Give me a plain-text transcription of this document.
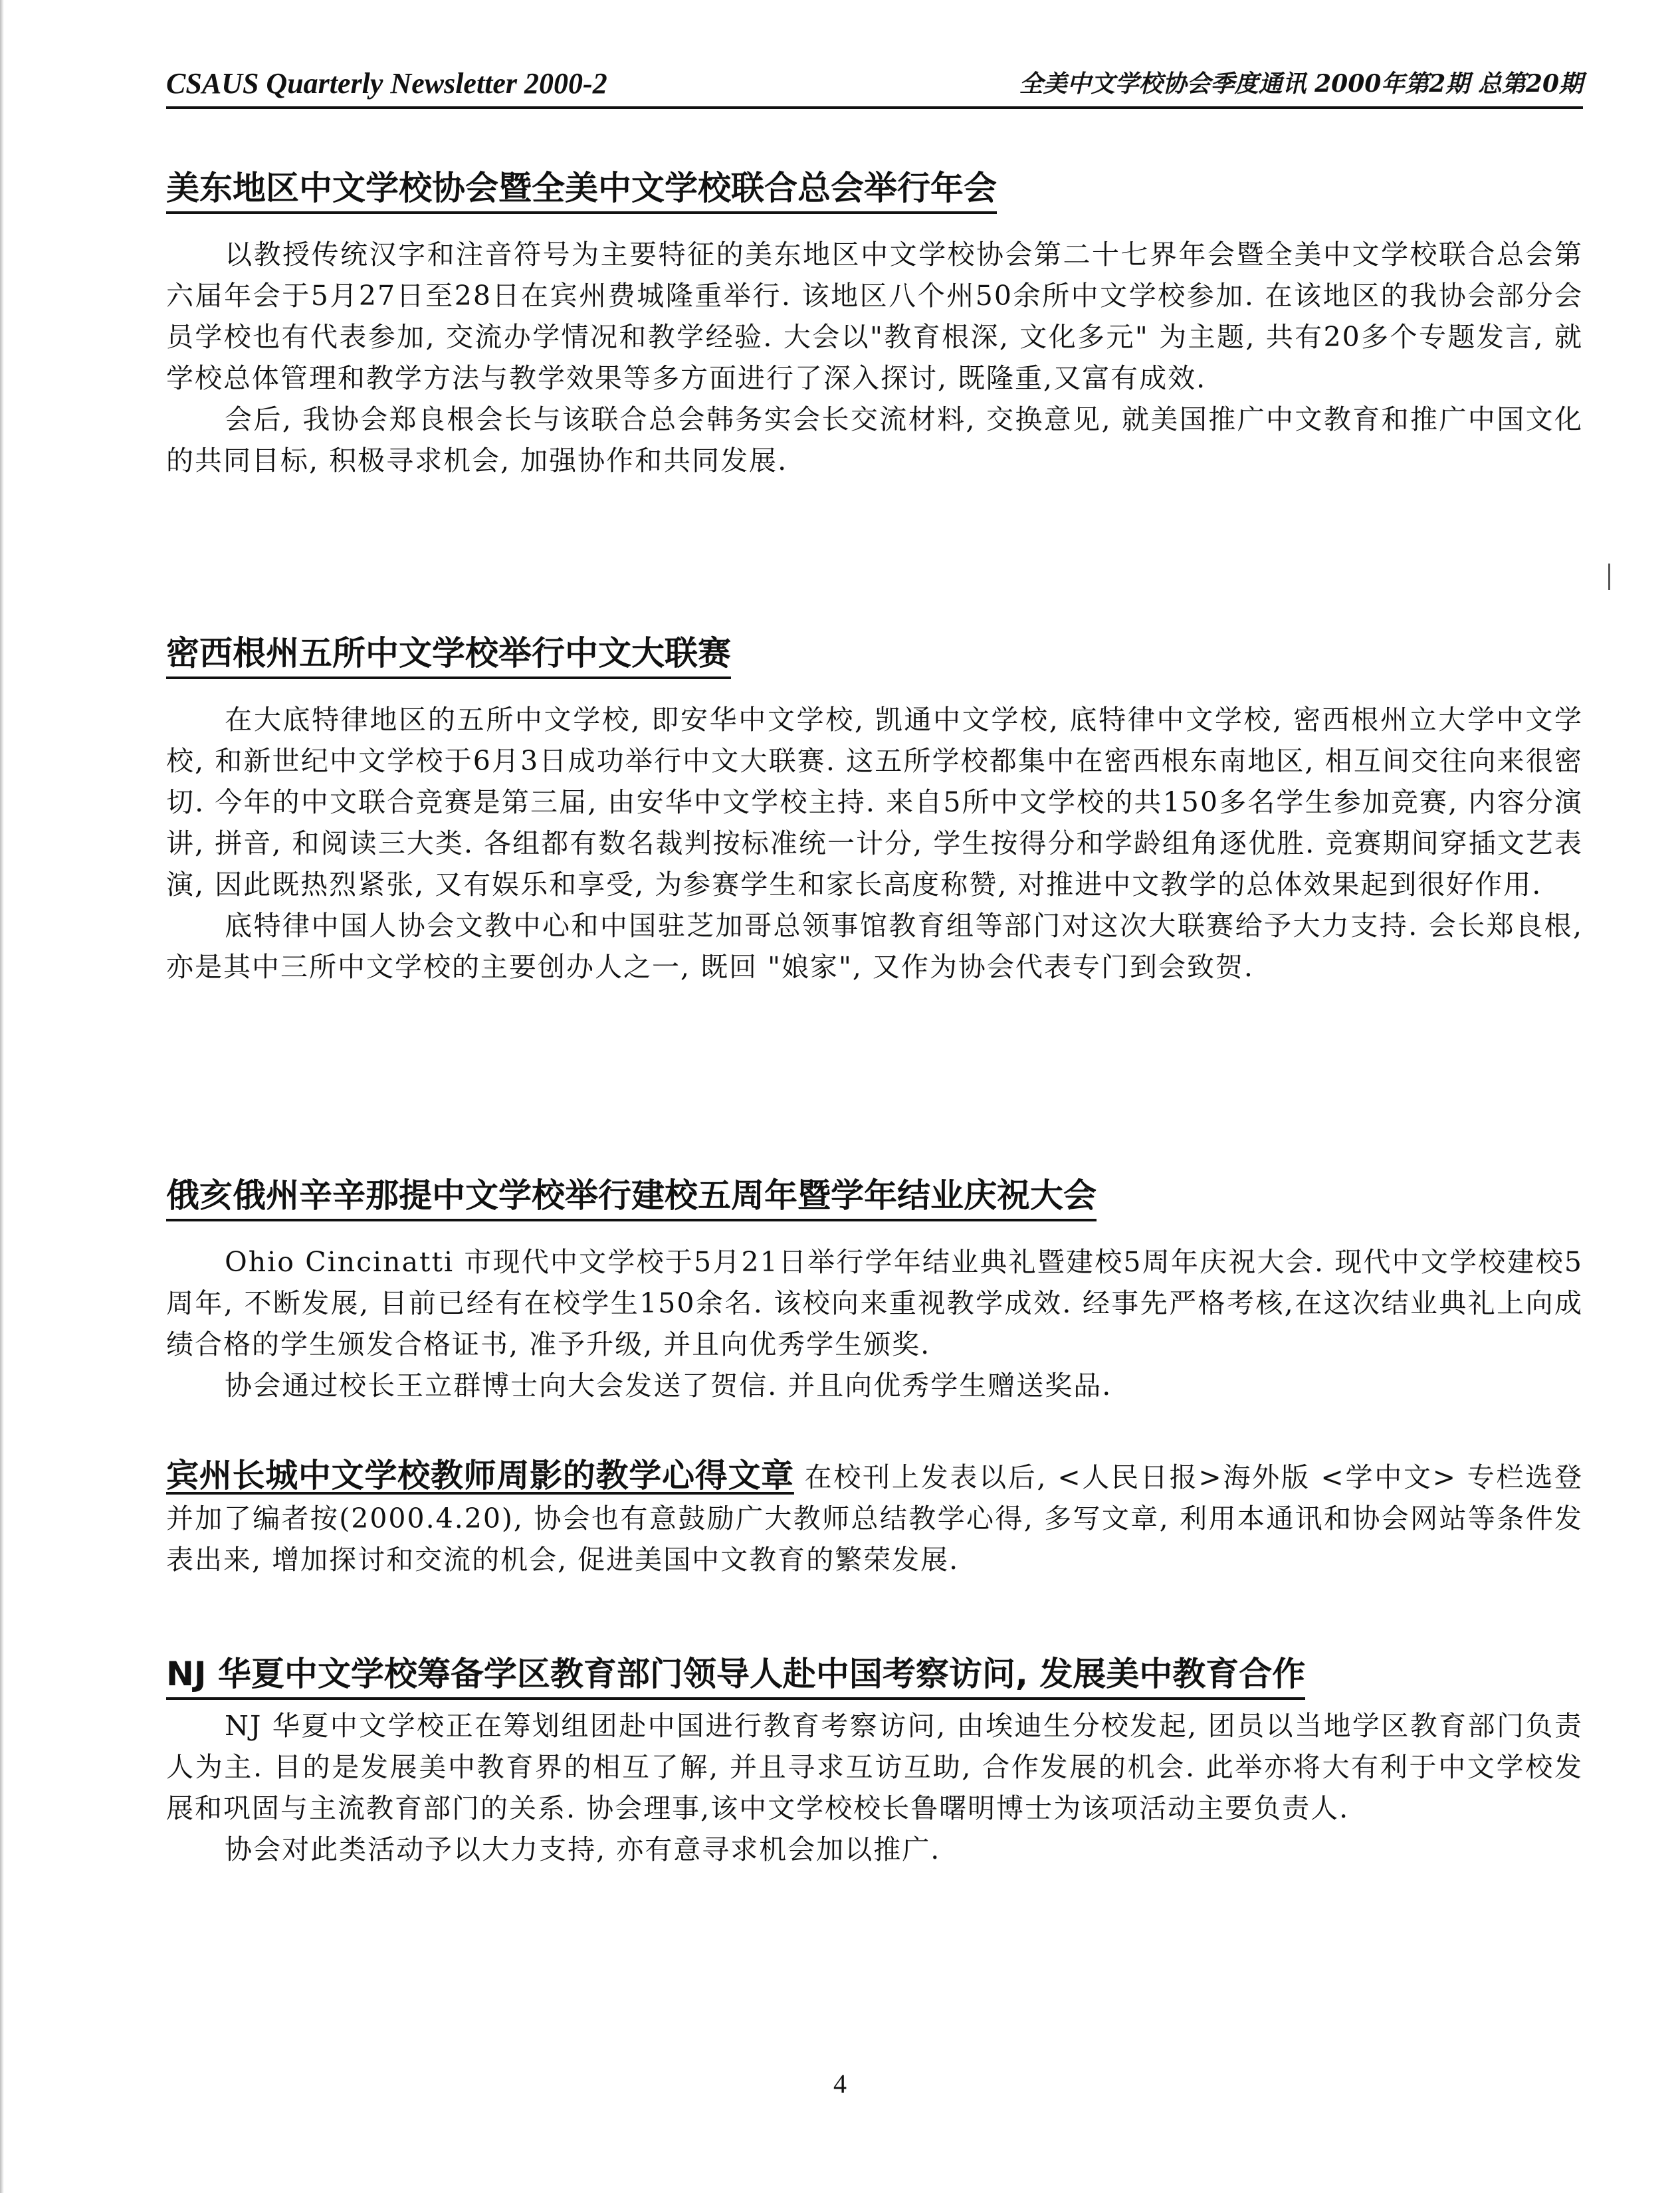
CSAUS Quarterly Newsletter 2000-2	全美中文学校协会季度通讯 2000年第2期 总第20期
美东地区中文学校协会暨全美中文学校联合总会举行年会

以教授传统汉字和注音符号为主要特征的美东地区中文学校协会第二十七界年会暨全美中文学校联合总会第六届年会于5月27日至28日在宾州费城隆重举行. 该地区八个州50余所中文学校参加. 在该地区的我协会部分会员学校也有代表参加, 交流办学情况和教学经验. 大会以"教育根深, 文化多元" 为主题, 共有20多个专题发言, 就学校总体管理和教学方法与教学效果等多方面进行了深入探讨, 既隆重,又富有成效.

会后, 我协会郑良根会长与该联合总会韩务实会长交流材料, 交换意见, 就美国推广中文教育和推广中国文化的共同目标, 积极寻求机会, 加强协作和共同发展.

密西根州五所中文学校举行中文大联赛

在大底特律地区的五所中文学校, 即安华中文学校, 凯通中文学校, 底特律中文学校, 密西根州立大学中文学校, 和新世纪中文学校于6月3日成功举行中文大联赛. 这五所学校都集中在密西根东南地区, 相互间交往向来很密切. 今年的中文联合竞赛是第三届, 由安华中文学校主持. 来自5所中文学校的共150多名学生参加竞赛, 内容分演讲, 拼音, 和阅读三大类. 各组都有数名裁判按标准统一计分, 学生按得分和学龄组角逐优胜. 竞赛期间穿插文艺表演, 因此既热烈紧张, 又有娱乐和享受, 为参赛学生和家长高度称赞, 对推进中文教学的总体效果起到很好作用.

底特律中国人协会文教中心和中国驻芝加哥总领事馆教育组等部门对这次大联赛给予大力支持. 会长郑良根, 亦是其中三所中文学校的主要创办人之一, 既回 "娘家", 又作为协会代表专门到会致贺.

俄亥俄州辛辛那提中文学校举行建校五周年暨学年结业庆祝大会

Ohio Cincinatti 市现代中文学校于5月21日举行学年结业典礼暨建校5周年庆祝大会. 现代中文学校建校5周年, 不断发展, 目前已经有在校学生150余名. 该校向来重视教学成效. 经事先严格考核,在这次结业典礼上向成绩合格的学生颁发合格证书, 准予升级, 并且向优秀学生颁奖.

协会通过校长王立群博士向大会发送了贺信. 并且向优秀学生赠送奖品.

宾州长城中文学校教师周影的教学心得文章 在校刊上发表以后, <人民日报>海外版 <学中文> 专栏选登并加了编者按(2000.4.20), 协会也有意鼓励广大教师总结教学心得, 多写文章, 利用本通讯和协会网站等条件发表出来, 增加探讨和交流的机会, 促进美国中文教育的繁荣发展.

NJ 华夏中文学校筹备学区教育部门领导人赴中国考察访问, 发展美中教育合作

NJ 华夏中文学校正在筹划组团赴中国进行教育考察访问, 由埃迪生分校发起, 团员以当地学区教育部门负责人为主. 目的是发展美中教育界的相互了解, 并且寻求互访互助, 合作发展的机会. 此举亦将大有利于中文学校发展和巩固与主流教育部门的关系. 协会理事,该中文学校校长鲁曙明博士为该项活动主要负责人.

协会对此类活动予以大力支持, 亦有意寻求机会加以推广.

4
